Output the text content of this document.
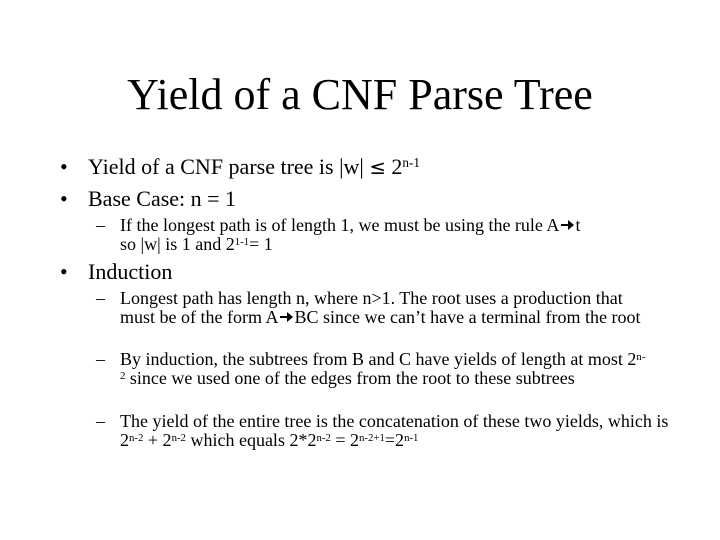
Yield of a CNF Parse Tree
• Yield of a CNF parse tree is $|w| \le 2^{n-1}$
• Base Case: n = 1
– If the longest path is of length 1, we must be using the rule A t
so |w| is 1 and $2^{1-1}= 1$
• Induction
– Longest path has length n, where n>1. The root uses a production that must be of the form A BC since we can’t have a terminal from the root
– By induction, the subtrees from B and C have yields of length at most 2$^{n-2}$ since we used one of the edges from the root to these subtrees
– The yield of the entire tree is the concatenation of these two yields, which is $2^{n-2} + 2^{n-2}$ which equals $2*2^{n-2} = 2^{n-2+1}=2^{n-1}$
